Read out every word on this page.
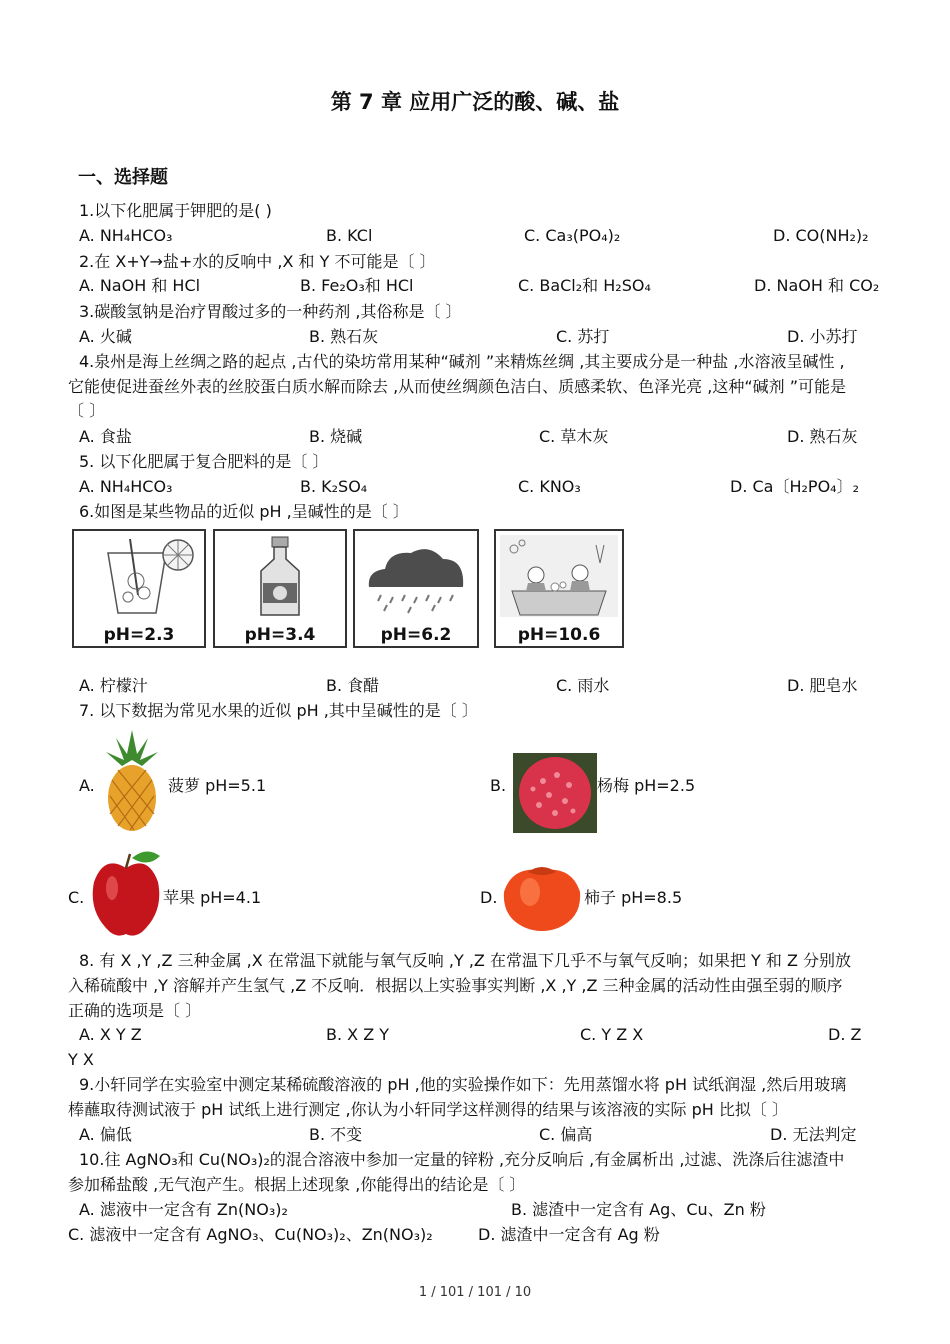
第 7 章 应用广泛的酸、碱、盐
一、选择题
1.以下化肥属于钾肥的是( )
A. NH₄HCO₃	B. KCl	C. Ca₃(PO₄)₂	D. CO(NH₂)₂
2.在 X+Y→盐+水的反响中 ,X 和 Y 不可能是〔 〕
A. NaOH 和 HCl	B. Fe₂O₃和 HCl	C. BaCl₂和 H₂SO₄	D. NaOH 和 CO₂
3.碳酸氢钠是治疗胃酸过多的一种药剂 ,其俗称是〔 〕
A. 火碱	B. 熟石灰	C. 苏打	D. 小苏打
4.泉州是海上丝绸之路的起点 ,古代的染坊常用某种“碱剂 ”来精炼丝绸 ,其主要成分是一种盐 ,水溶液呈碱性 ,
它能使促进蚕丝外表的丝胶蛋白质水解而除去 ,从而使丝绸颜色洁白、质感柔软、色泽光亮 ,这种“碱剂 ”可能是
〔 〕
A. 食盐	B. 烧碱	C. 草木灰	D. 熟石灰
5. 以下化肥属于复合肥料的是〔 〕
A. NH₄HCO₃	B. K₂SO₄	C. KNO₃	D. Ca〔H₂PO₄〕₂
6.如图是某些物品的近似 pH ,呈碱性的是〔 〕
pH=2.3	pH=3.4	pH=6.2	pH=10.6
A. 柠檬汁	B. 食醋	C. 雨水	D. 肥皂水
7. 以下数据为常见水果的近似 pH ,其中呈碱性的是〔 〕
A.	菠萝 pH=5.1	B.	杨梅 pH=2.5
C.	苹果 pH=4.1	D.	柿子 pH=8.5
8. 有 X ,Y ,Z 三种金属 ,X 在常温下就能与氧气反响 ,Y ,Z 在常温下几乎不与氧气反响；如果把 Y 和 Z 分别放
入稀硫酸中 ,Y 溶解并产生氢气 ,Z 不反响．根据以上实验事实判断 ,X ,Y ,Z 三种金属的活动性由强至弱的顺序
正确的选项是〔 〕
A. X Y Z	B. X Z Y	C. Y Z X	D. Z
Y X
9.小轩同学在实验室中测定某稀硫酸溶液的 pH ,他的实验操作如下：先用蒸馏水将 pH 试纸润湿 ,然后用玻璃
棒蘸取待测试液于 pH 试纸上进行测定 ,你认为小轩同学这样测得的结果与该溶液的实际 pH 比拟〔 〕
A. 偏低	B. 不变	C. 偏高	D. 无法判定
10.往 AgNO₃和 Cu(NO₃)₂的混合溶液中参加一定量的锌粉 ,充分反响后 ,有金属析出 ,过滤、洗涤后往滤渣中
参加稀盐酸 ,无气泡产生。根据上述现象 ,你能得出的结论是〔 〕
A. 滤液中一定含有 Zn(NO₃)₂	B. 滤渣中一定含有 Ag、Cu、Zn 粉
C. 滤液中一定含有 AgNO₃、Cu(NO₃)₂、Zn(NO₃)₂	D. 滤渣中一定含有 Ag 粉
1 / 101 / 101 / 10
